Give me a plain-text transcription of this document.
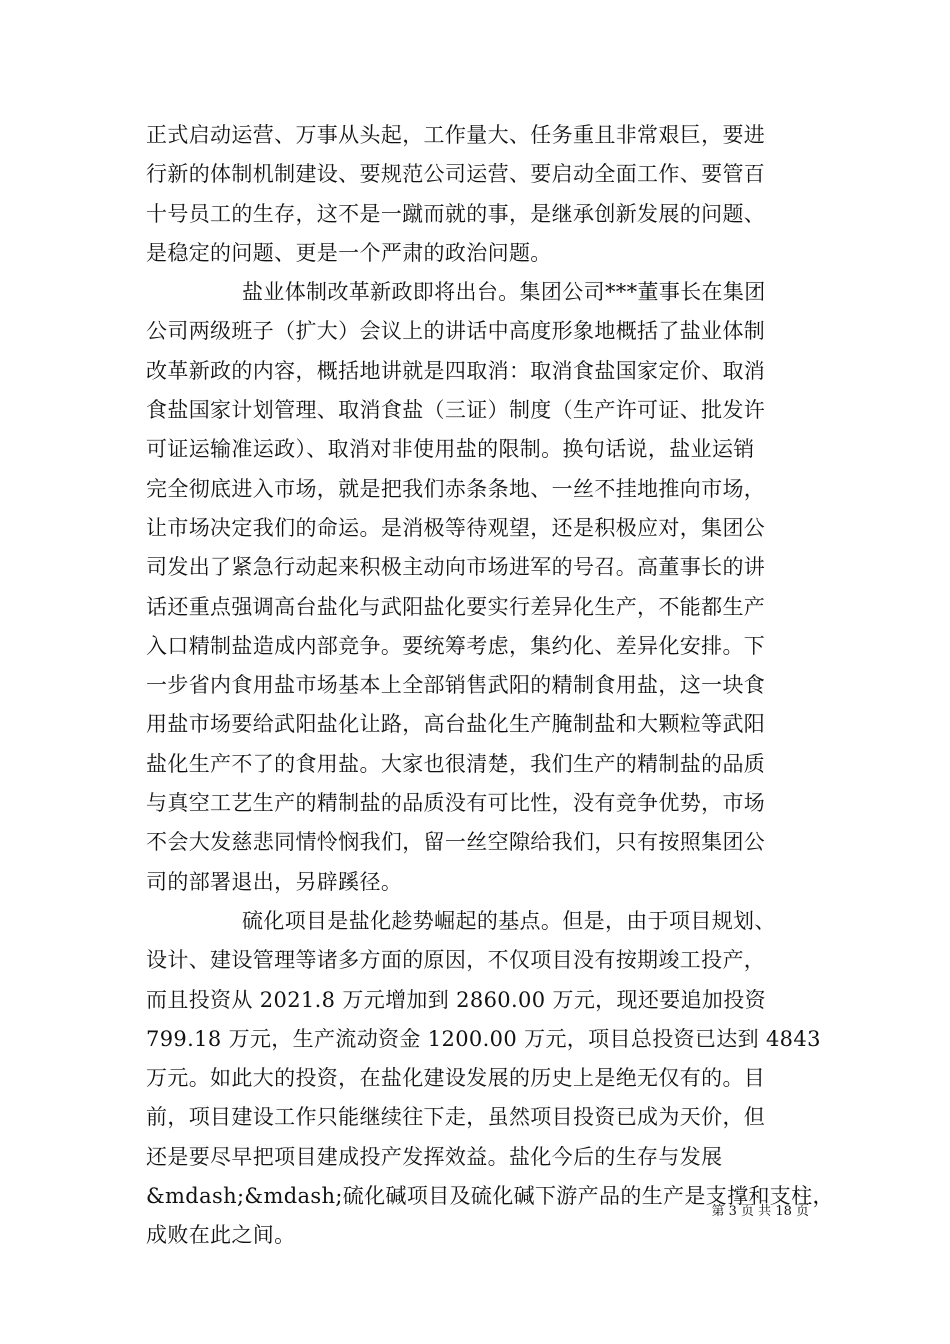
正式启动运营、万事从头起，工作量大、任务重且非常艰巨，要进
行新的体制机制建设、要规范公司运营、要启动全面工作、要管百
十号员工的生存，这不是一蹴而就的事，是继承创新发展的问题、
是稳定的问题、更是一个严肃的政治问题。
盐业体制改革新政即将出台。集团公司***董事长在集团
公司两级班子（扩大）会议上的讲话中高度形象地概括了盐业体制
改革新政的内容，概括地讲就是四取消：取消食盐国家定价、取消
食盐国家计划管理、取消食盐（三证）制度（生产许可证、批发许
可证运输准运政）、取消对非使用盐的限制。换句话说，盐业运销
完全彻底进入市场，就是把我们赤条条地、一丝不挂地推向市场，
让市场决定我们的命运。是消极等待观望，还是积极应对，集团公
司发出了紧急行动起来积极主动向市场进军的号召。高董事长的讲
话还重点强调高台盐化与武阳盐化要实行差异化生产，不能都生产
入口精制盐造成内部竞争。要统筹考虑，集约化、差异化安排。下
一步省内食用盐市场基本上全部销售武阳的精制食用盐，这一块食
用盐市场要给武阳盐化让路，高台盐化生产腌制盐和大颗粒等武阳
盐化生产不了的食用盐。大家也很清楚，我们生产的精制盐的品质
与真空工艺生产的精制盐的品质没有可比性，没有竞争优势，市场
不会大发慈悲同情怜悯我们，留一丝空隙给我们，只有按照集团公
司的部署退出，另辟蹊径。
硫化项目是盐化趁势崛起的基点。但是，由于项目规划、
设计、建设管理等诸多方面的原因，不仅项目没有按期竣工投产，
而且投资从 2021.8 万元增加到 2860.00 万元，现还要追加投资
799.18 万元，生产流动资金 1200.00 万元，项目总投资已达到 4843
万元。如此大的投资，在盐化建设发展的历史上是绝无仅有的。目
前，项目建设工作只能继续往下走，虽然项目投资已成为天价，但
还是要尽早把项目建成投产发挥效益。盐化今后的生存与发展
&mdash;&mdash;硫化碱项目及硫化碱下游产品的生产是支撑和支柱，
成败在此之间。
第 3 页 共 18 页
